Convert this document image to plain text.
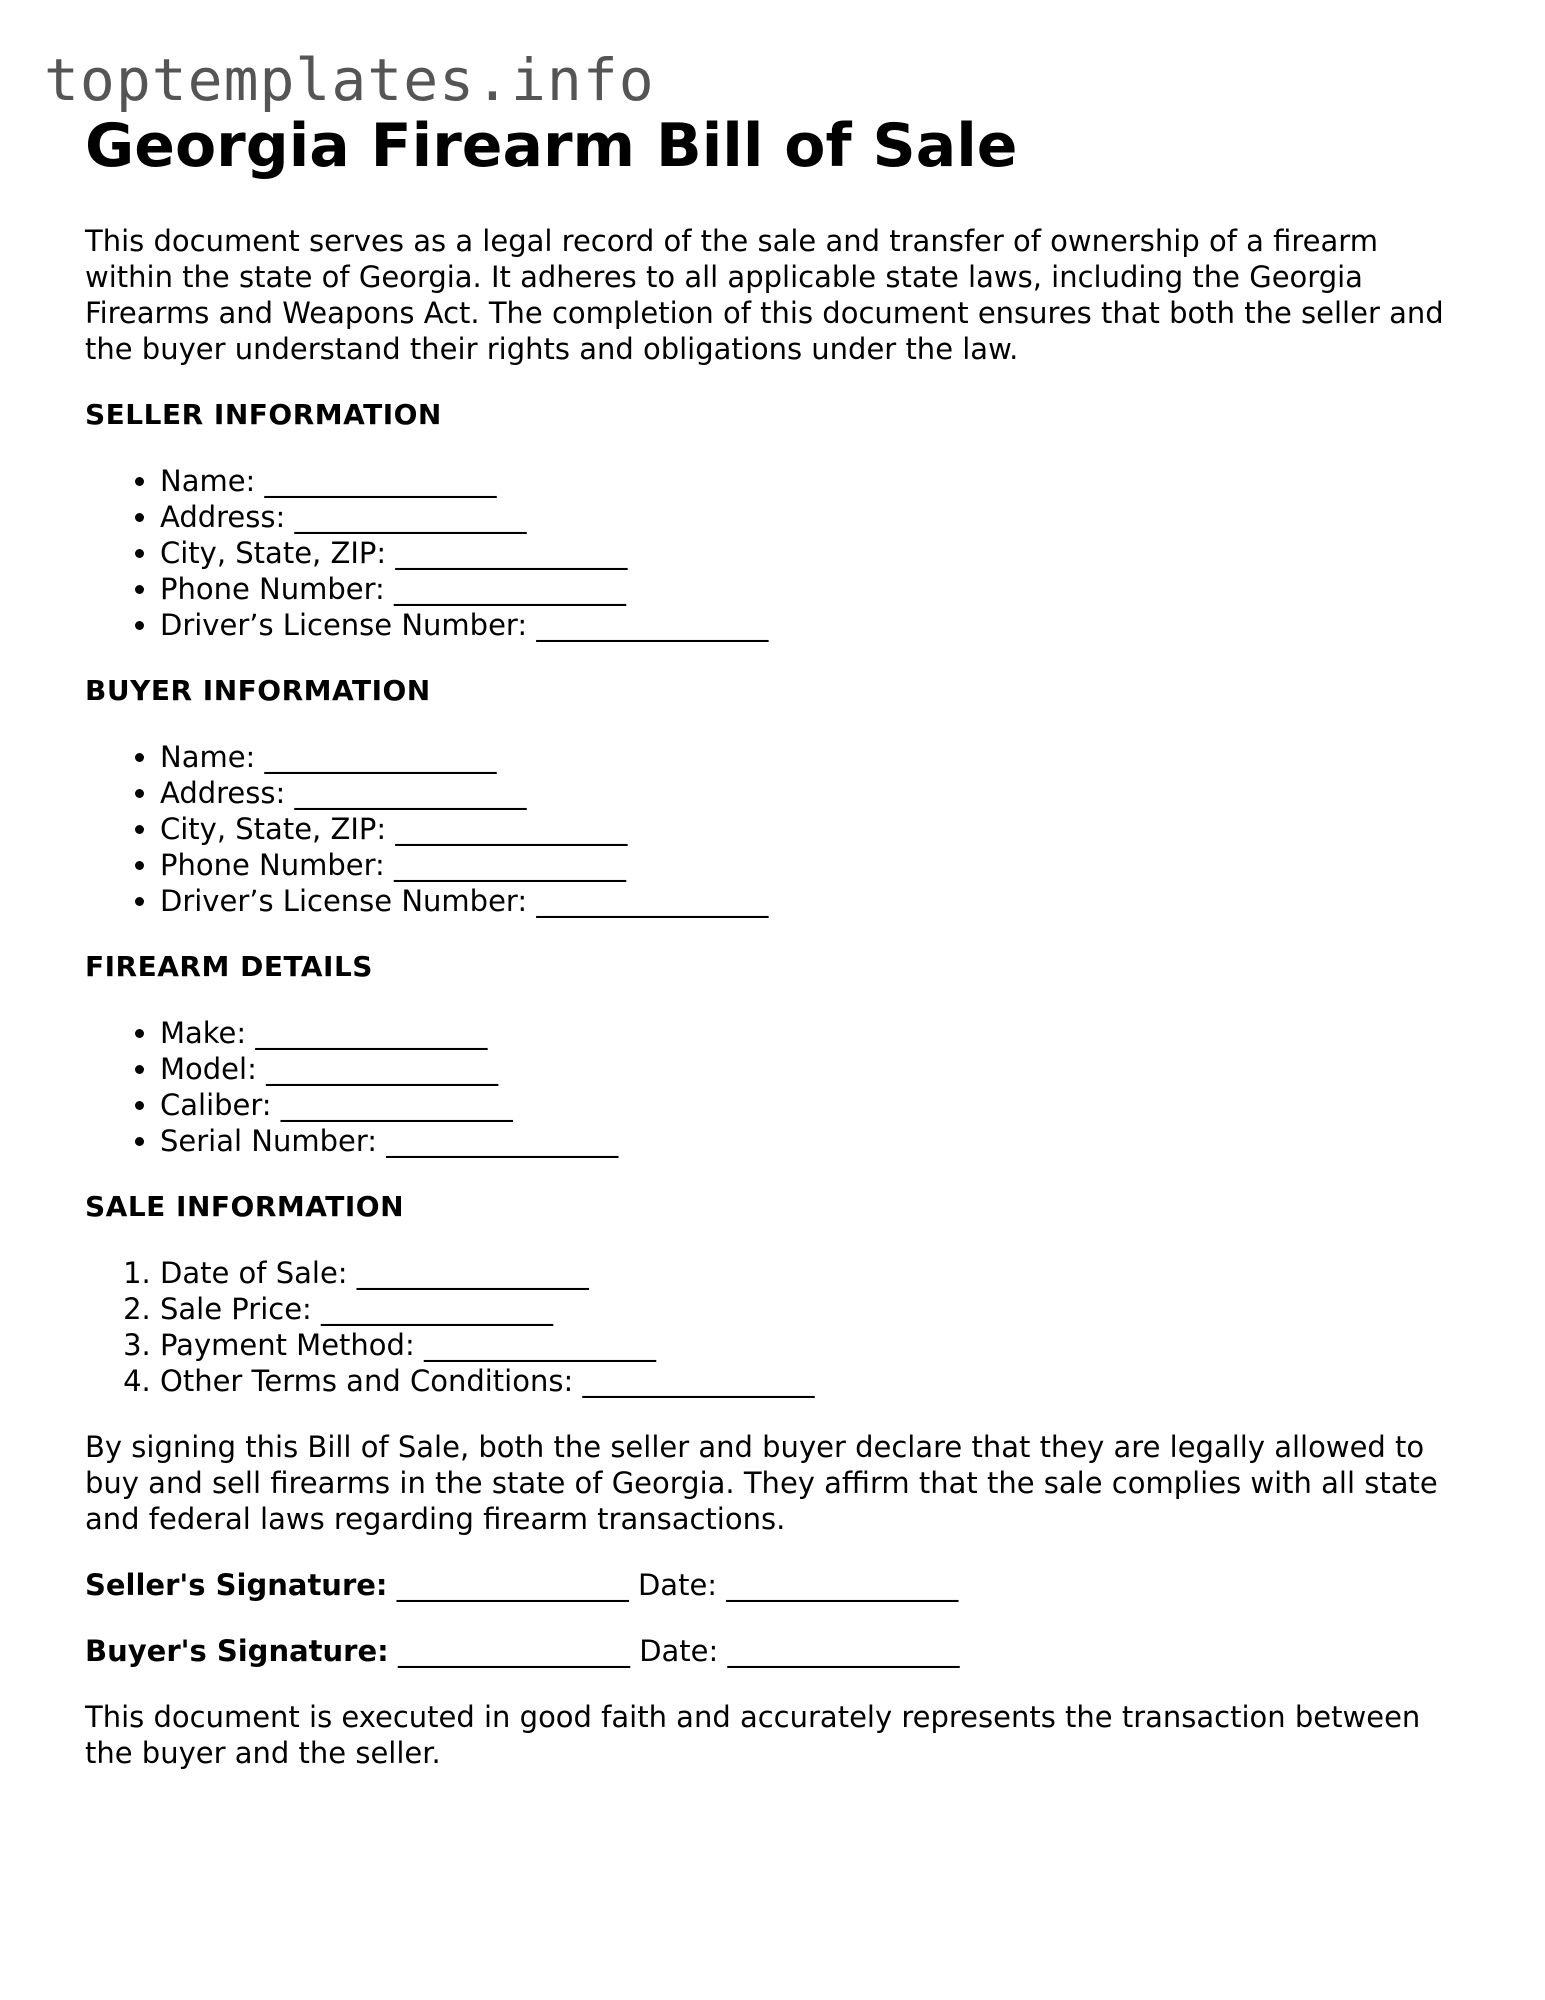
toptemplates.info
Georgia Firearm Bill of Sale

This document serves as a legal record of the sale and transfer of ownership of a firearm within the state of Georgia. It adheres to all applicable state laws, including the Georgia Firearms and Weapons Act. The completion of this document ensures that both the seller and the buyer understand their rights and obligations under the law.

SELLER INFORMATION
• Name: ________________
• Address: ________________
• City, State, ZIP: ________________
• Phone Number: ________________
• Driver’s License Number: ________________
BUYER INFORMATION
• Name: ________________
• Address: ________________
• City, State, ZIP: ________________
• Phone Number: ________________
• Driver’s License Number: ________________
FIREARM DETAILS
• Make: ________________
• Model: ________________
• Caliber: ________________
• Serial Number: ________________
SALE INFORMATION
1. Date of Sale: ________________
2. Sale Price: ________________
3. Payment Method: ________________
4. Other Terms and Conditions: ________________

By signing this Bill of Sale, both the seller and buyer declare that they are legally allowed to buy and sell firearms in the state of Georgia. They affirm that the sale complies with all state and federal laws regarding firearm transactions.

Seller's Signature: ________________ Date: ________________
Buyer's Signature: ________________ Date: ________________

This document is executed in good faith and accurately represents the transaction between the buyer and the seller.
